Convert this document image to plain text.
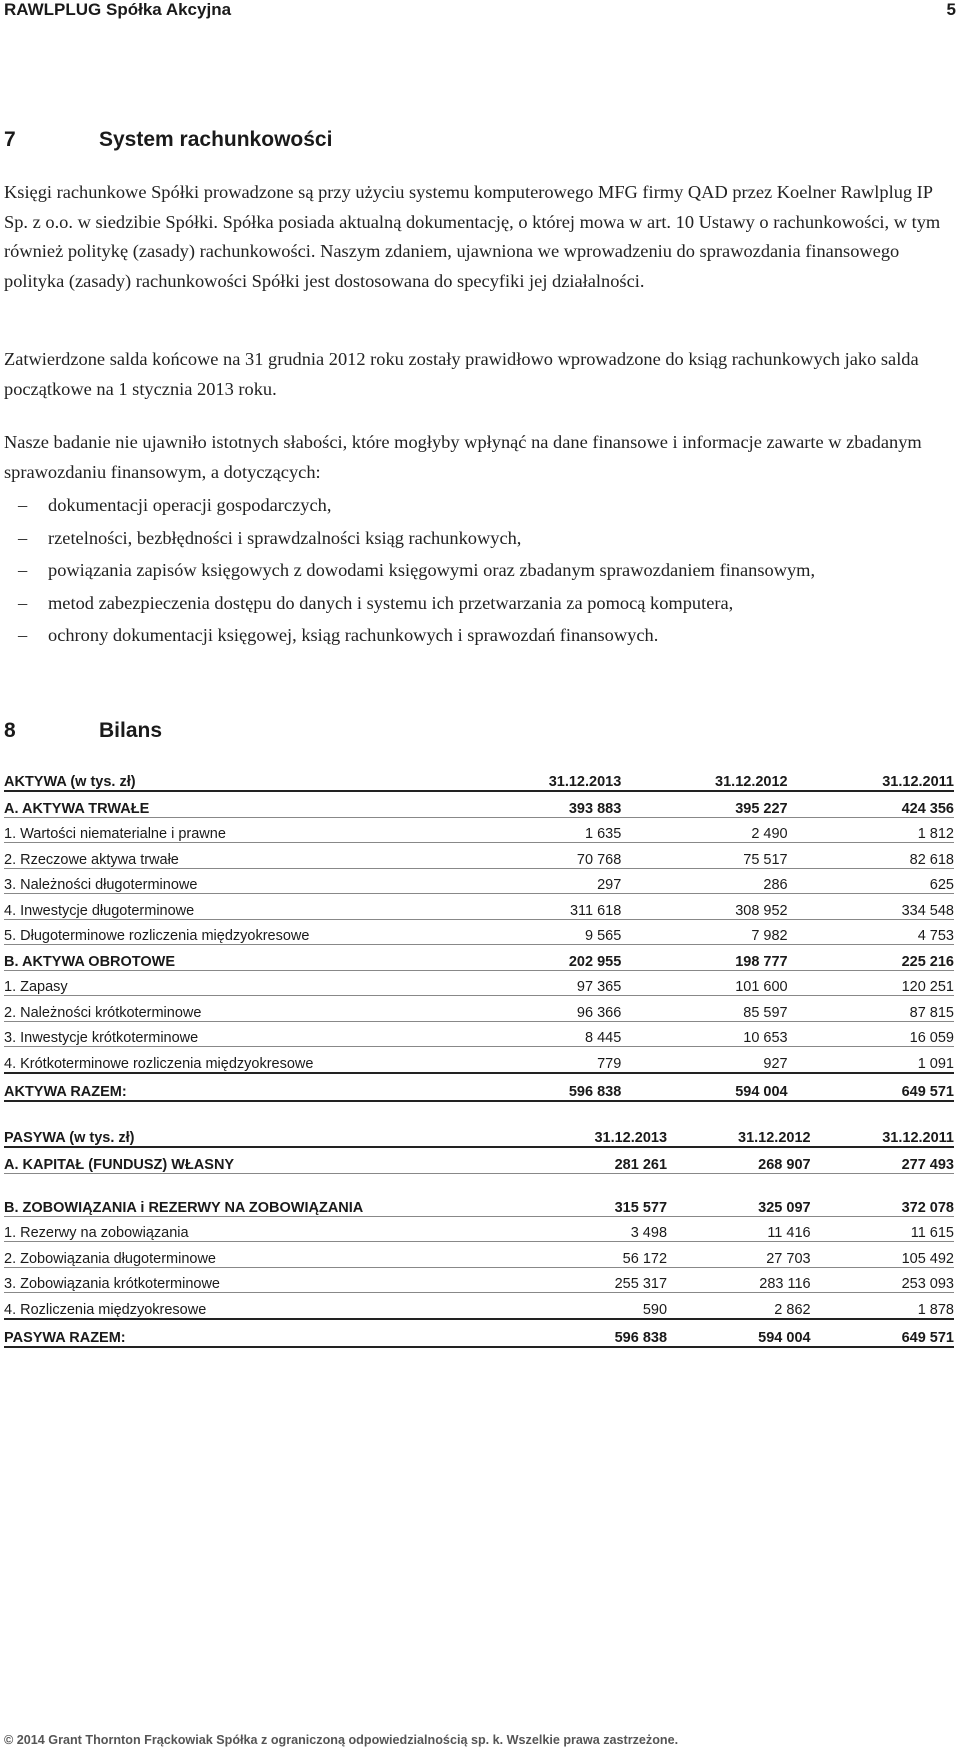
RAWLPLUG Spółka Akcyjna	5
7	System rachunkowości

Księgi rachunkowe Spółki prowadzone są przy użyciu systemu komputerowego MFG firmy QAD przez Koelner Rawlplug IP Sp. z o.o. w siedzibie Spółki. Spółka posiada aktualną dokumentację, o której mowa w art. 10 Ustawy o rachunkowości, w tym również politykę (zasady) rachunkowości. Naszym zdaniem, ujawniona we wprowadzeniu do sprawozdania finansowego polityka (zasady) rachunkowości Spółki jest dostosowana do specyfiki jej działalności.

Zatwierdzone salda końcowe na 31 grudnia 2012 roku zostały prawidłowo wprowadzone do ksiąg rachunkowych jako salda początkowe na 1 stycznia 2013 roku.

Nasze badanie nie ujawniło istotnych słabości, które mogłyby wpłynąć na dane finansowe i informacje zawarte w zbadanym sprawozdaniu finansowym, a dotyczących:

– dokumentacji operacji gospodarczych,
– rzetelności, bezbłędności i sprawdzalności ksiąg rachunkowych,
– powiązania zapisów księgowych z dowodami księgowymi oraz zbadanym sprawozdaniem finansowym,
– metod zabezpieczenia dostępu do danych i systemu ich przetwarzania za pomocą komputera,
– ochrony dokumentacji księgowej, ksiąg rachunkowych i sprawozdań finansowych.
8	Bilans
AKTYWA (w tys. zł)	31.12.2013	31.12.2012	31.12.2011
A. AKTYWA TRWAŁE	393 883	395 227	424 356
1. Wartości niematerialne i prawne	1 635	2 490	1 812
2. Rzeczowe aktywa trwałe	70 768	75 517	82 618
3. Należności długoterminowe	297	286	625
4. Inwestycje długoterminowe	311 618	308 952	334 548
5. Długoterminowe rozliczenia międzyokresowe	9 565	7 982	4 753
B. AKTYWA OBROTOWE	202 955	198 777	225 216
1. Zapasy	97 365	101 600	120 251
2. Należności krótkoterminowe	96 366	85 597	87 815
3. Inwestycje krótkoterminowe	8 445	10 653	16 059
4. Krótkoterminowe rozliczenia międzyokresowe	779	927	1 091
AKTYWA RAZEM:	596 838	594 004	649 571
PASYWA (w tys. zł)	31.12.2013	31.12.2012	31.12.2011
A. KAPITAŁ (FUNDUSZ) WŁASNY	281 261	268 907	277 493
B. ZOBOWIĄZANIA i REZERWY NA ZOBOWIĄZANIA	315 577	325 097	372 078
1. Rezerwy na zobowiązania	3 498	11 416	11 615
2. Zobowiązania długoterminowe	56 172	27 703	105 492
3. Zobowiązania krótkoterminowe	255 317	283 116	253 093
4. Rozliczenia międzyokresowe	590	2 862	1 878
PASYWA RAZEM:	596 838	594 004	649 571
© 2014 Grant Thornton Frąckowiak Spółka z ograniczoną odpowiedzialnością sp. k. Wszelkie prawa zastrzeżone.
